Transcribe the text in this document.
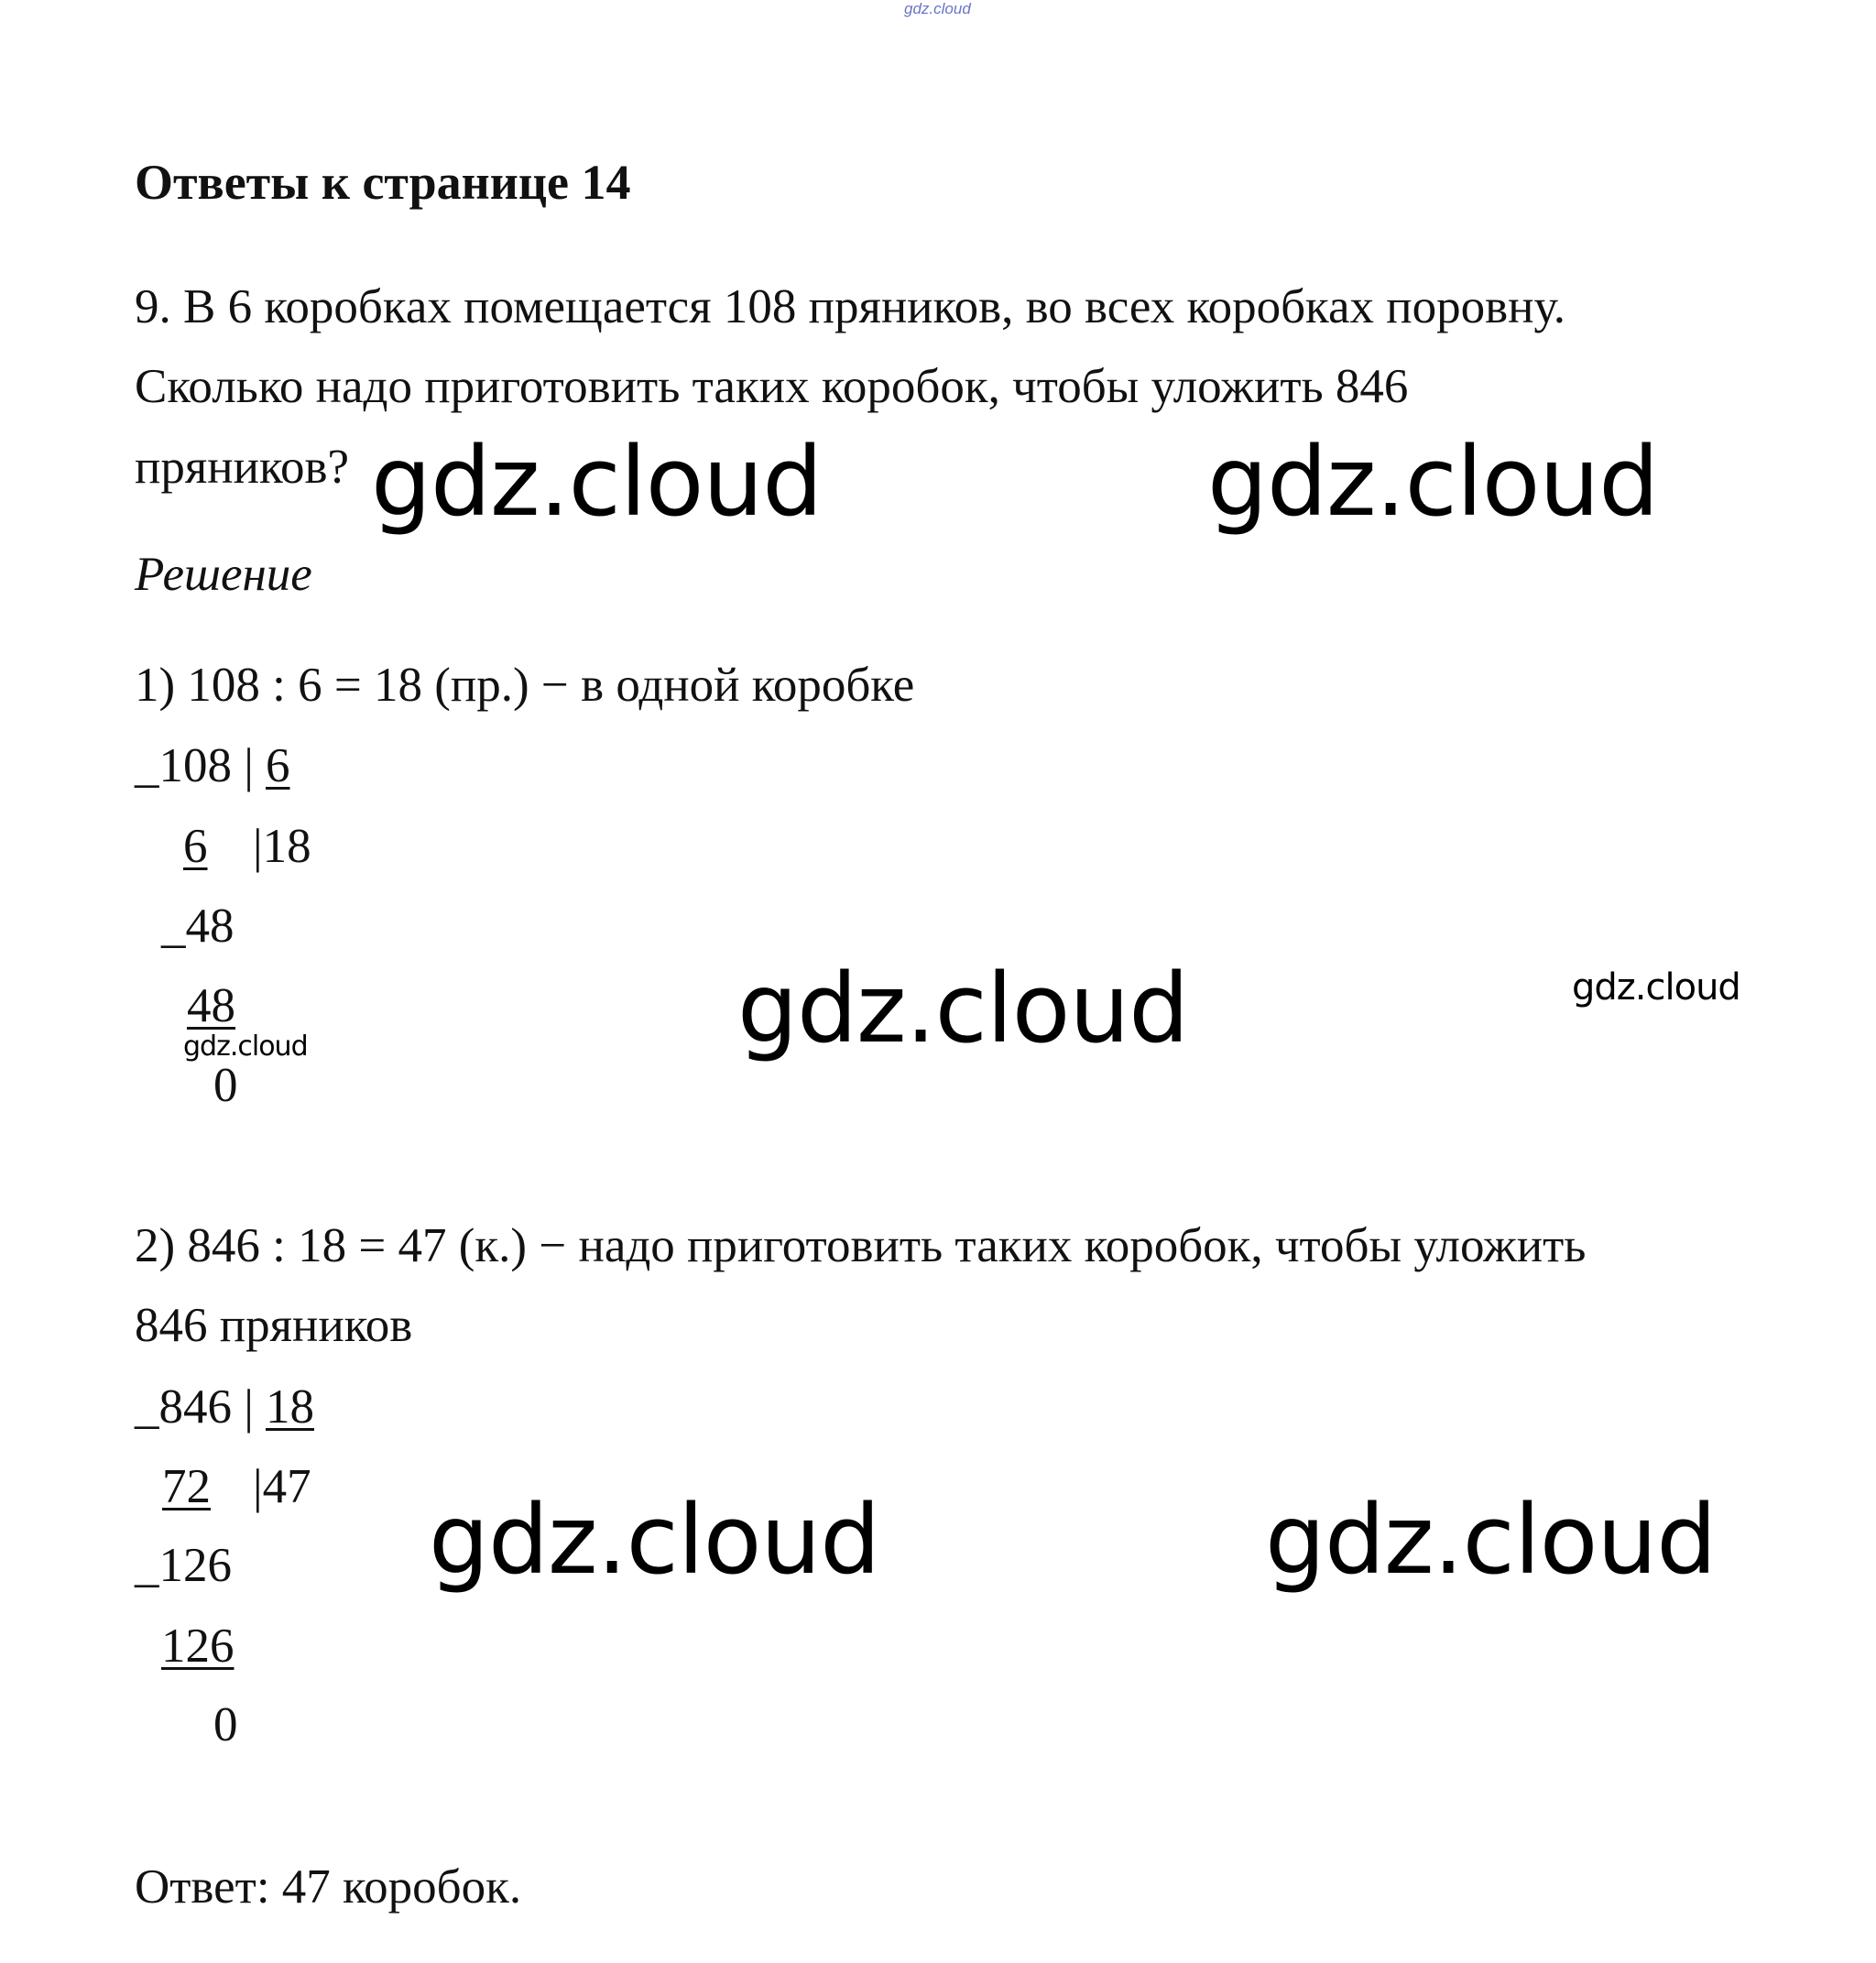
gdz.cloud
Ответы к странице 14
9. В 6 коробках помещается 108 пряников, во всех коробках поровну.
Сколько надо приготовить таких коробок, чтобы уложить 846
пряников? gdz.cloud	gdz.cloud
Решение
1) 108 : 6 = 18 (пр.) − в одной коробке
_108 | 6
6 |18
_48
48
0
gdz.cloud	gdz.cloud	gdz.cloud
2) 846 : 18 = 47 (к.) − надо приготовить таких коробок, чтобы уложить
846 пряников
_846 | 18
72 |47
_126
126
0
gdz.cloud	gdz.cloud
Ответ: 47 коробок.
